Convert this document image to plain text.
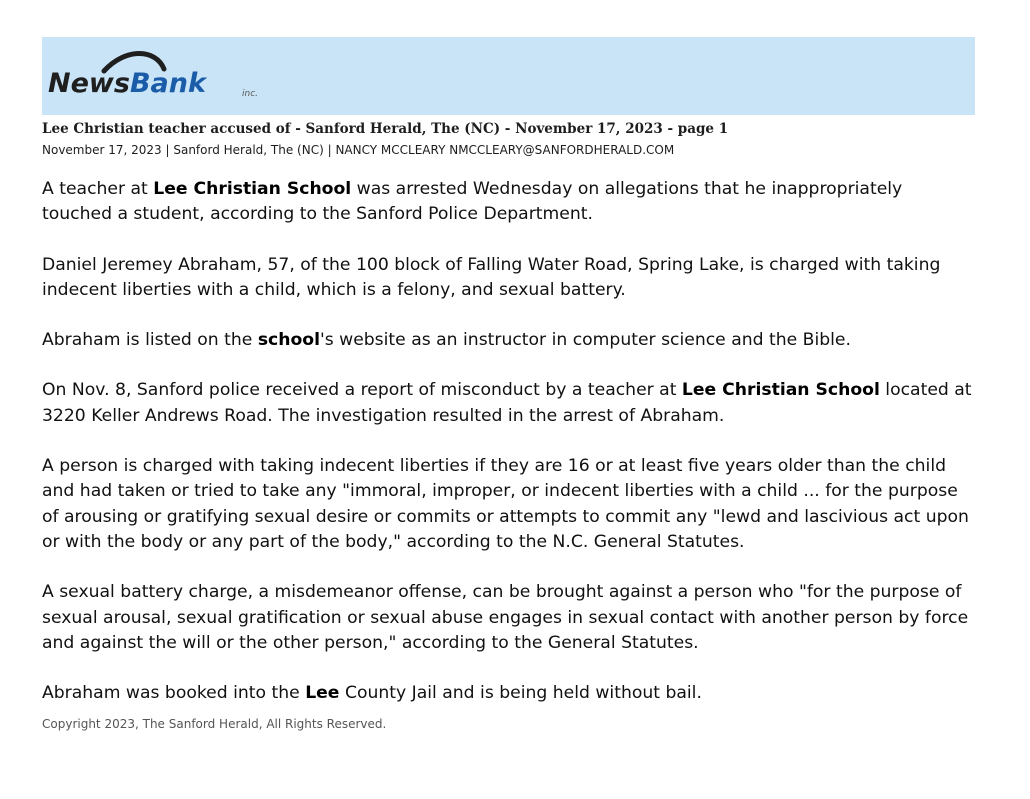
NewsBank	inc.
Lee Christian teacher accused of - Sanford Herald, The (NC) - November 17, 2023 - page 1
November 17, 2023 | Sanford Herald, The (NC) | NANCY MCCLEARY NMCCLEARY@SANFORDHERALD.COM

A teacher at Lee Christian School was arrested Wednesday on allegations that he inappropriately touched a student, according to the Sanford Police Department.

Daniel Jeremey Abraham, 57, of the 100 block of Falling Water Road, Spring Lake, is charged with taking indecent liberties with a child, which is a felony, and sexual battery.

Abraham is listed on the school's website as an instructor in computer science and the Bible.

On Nov. 8, Sanford police received a report of misconduct by a teacher at Lee Christian School located at 3220 Keller Andrews Road. The investigation resulted in the arrest of Abraham.

A person is charged with taking indecent liberties if they are 16 or at least five years older than the child and had taken or tried to take any "immoral, improper, or indecent liberties with a child ... for the purpose of arousing or gratifying sexual desire or commits or attempts to commit any "lewd and lascivious act upon or with the body or any part of the body," according to the N.C. General Statutes.

A sexual battery charge, a misdemeanor offense, can be brought against a person who "for the purpose of sexual arousal, sexual gratification or sexual abuse engages in sexual contact with another person by force and against the will or the other person," according to the General Statutes.

Abraham was booked into the Lee County Jail and is being held without bail.

Copyright 2023, The Sanford Herald, All Rights Reserved.
